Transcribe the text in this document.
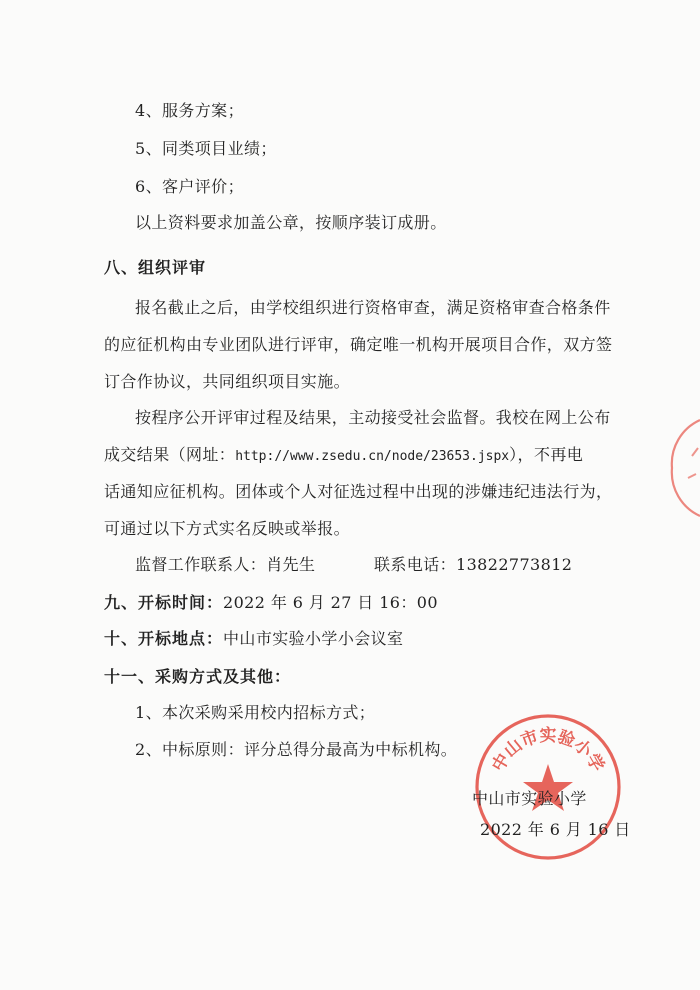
4、服务方案；
5、同类项目业绩；
6、客户评价；
以上资料要求加盖公章，按顺序装订成册。
八、组织评审
报名截止之后，由学校组织进行资格审查，满足资格审查合格条件
的应征机构由专业团队进行评审，确定唯一机构开展项目合作，双方签
订合作协议，共同组织项目实施。
按程序公开评审过程及结果，主动接受社会监督。我校在网上公布
成交结果（网址：http://www.zsedu.cn/node/23653.jspx），不再电
话通知应征机构。团体或个人对征选过程中出现的涉嫌违纪违法行为，
可通过以下方式实名反映或举报。
监督工作联系人：肖先生	联系电话：13822773812
九、开标时间：2022 年 6 月 27 日 16：00
十、开标地点：中山市实验小学小会议室
十一、采购方式及其他：
1、本次采购采用校内招标方式；
2、中标原则：评分总得分最高为中标机构。
中山市实验小学
中山市实验小学
2022 年 6 月 16 日
